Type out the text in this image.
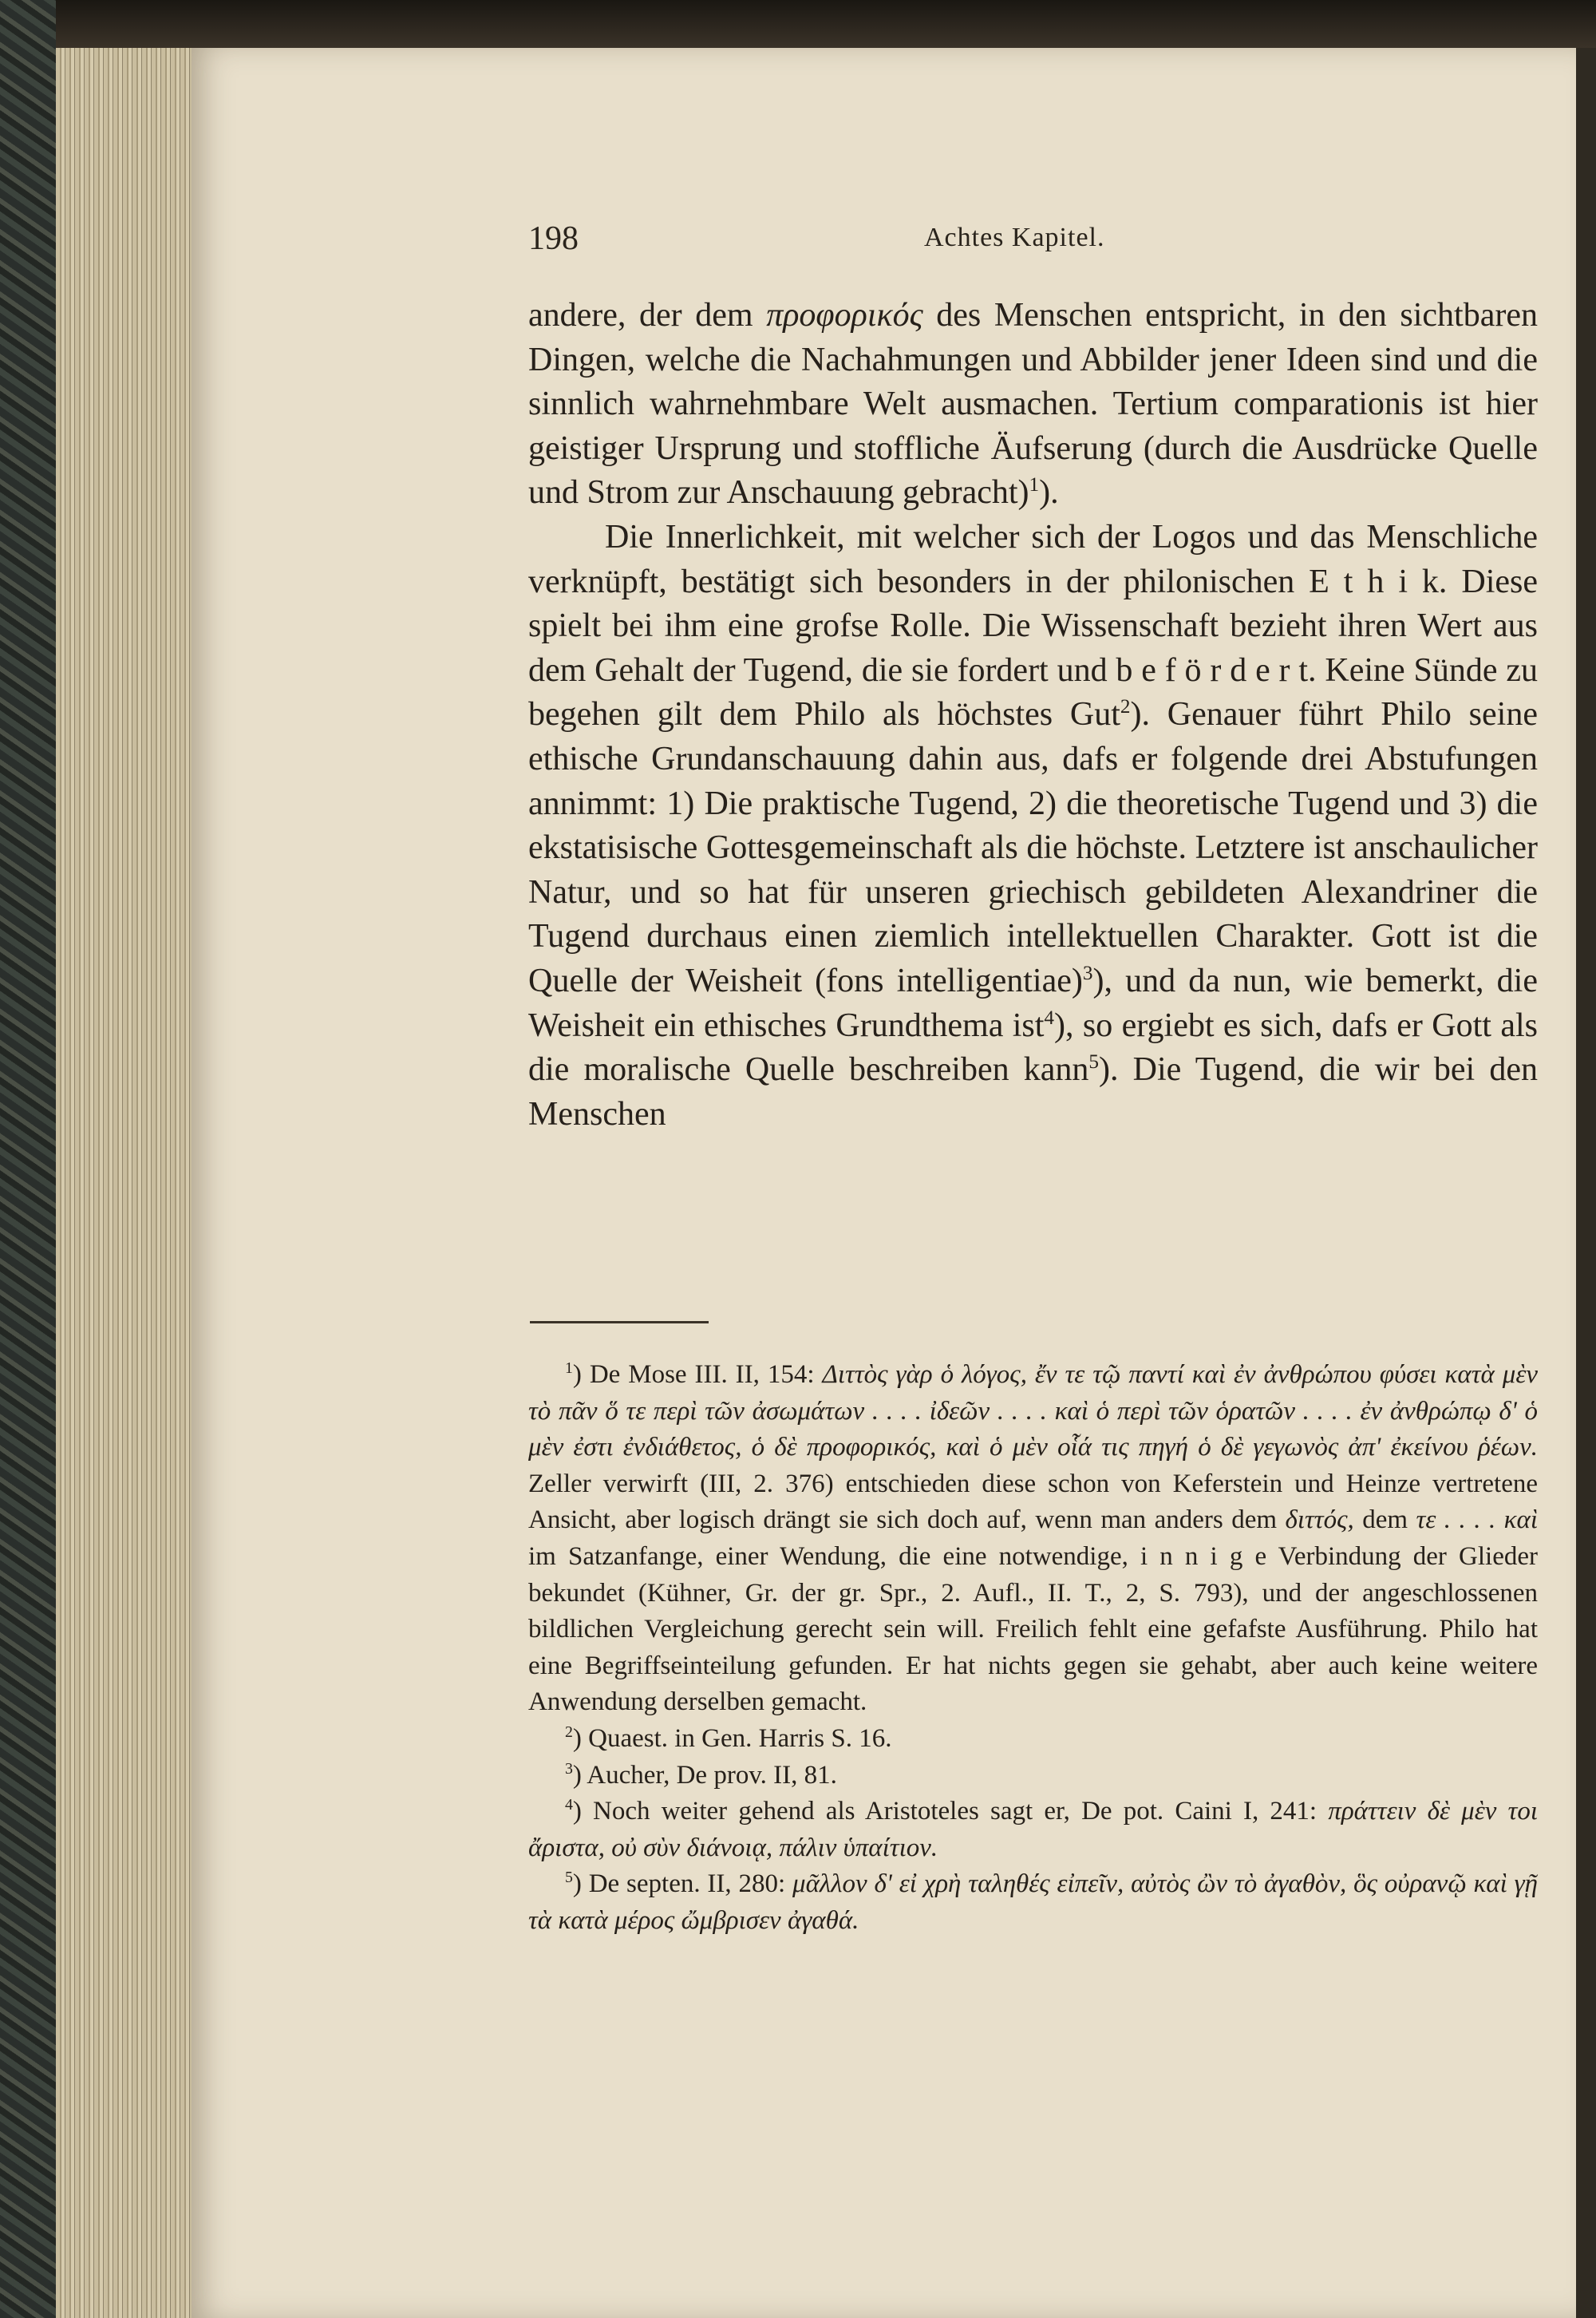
198	Achtes Kapitel.

andere, der dem προφορικός des Menschen entspricht, in den sichtbaren Dingen, welche die Nachahmungen und Abbilder jener Ideen sind und die sinnlich wahrnehmbare Welt ausmachen. Tertium comparationis ist hier geistiger Ursprung und stoffliche Äufserung (durch die Ausdrücke Quelle und Strom zur Anschauung gebracht)$^1$).

Die Innerlichkeit, mit welcher sich der Logos und das Menschliche verknüpft, bestätigt sich besonders in der philonischen E t h i k. Diese spielt bei ihm eine grofse Rolle. Die Wissenschaft bezieht ihren Wert aus dem Gehalt der Tugend, die sie fordert und b e f ö r d e r t. Keine Sünde zu begehen gilt dem Philo als höchstes Gut$^2$). Genauer führt Philo seine ethische Grundanschauung dahin aus, dafs er folgende drei Abstufungen annimmt: 1) Die praktische Tugend, 2) die theoretische Tugend und 3) die ekstatisische Gottesgemeinschaft als die höchste. Letztere ist anschaulicher Natur, und so hat für unseren griechisch gebildeten Alexandriner die Tugend durchaus einen ziemlich intellektuellen Charakter. Gott ist die Quelle der Weisheit (fons intelligentiae)$^3$), und da nun, wie bemerkt, die Weisheit ein ethisches Grundthema ist$^4$), so ergiebt es sich, dafs er Gott als die moralische Quelle beschreiben kann$^5$). Die Tugend, die wir bei den Menschen

$^1$) De Mose III. II, 154: Διττὸς γὰρ ὁ λόγος, ἔν τε τῷ παντί καὶ ἐν ἀνθρώπου φύσει κατὰ μὲν τὸ πᾶν ὅ τε περὶ τῶν ἀσωμάτων . . . . ἰδεῶν . . . . καὶ ὁ περὶ τῶν ὁρατῶν . . . . ἐν ἀνθρώπῳ δ' ὁ μὲν ἐστι ἐνδιάθετος, ὁ δὲ προφορικός, καὶ ὁ μὲν οἷά τις πηγή ὁ δὲ γεγωνὸς ἀπ' ἐκείνου ῥέων. Zeller verwirft (III, 2. 376) entschieden diese schon von Keferstein und Heinze vertretene Ansicht, aber logisch drängt sie sich doch auf, wenn man anders dem διττός, dem τε . . . . καὶ im Satzanfange, einer Wendung, die eine notwendige, i n n i g e Verbindung der Glieder bekundet (Kühner, Gr. der gr. Spr., 2. Aufl., II. T., 2, S. 793), und der angeschlossenen bildlichen Vergleichung gerecht sein will. Freilich fehlt eine gefafste Ausführung. Philo hat eine Begriffseinteilung gefunden. Er hat nichts gegen sie gehabt, aber auch keine weitere Anwendung derselben gemacht.

$^2$) Quaest. in Gen. Harris S. 16.

$^3$) Aucher, De prov. II, 81.

$^4$) Noch weiter gehend als Aristoteles sagt er, De pot. Caini I, 241: πράττειν δὲ μὲν τοι ἄριστα, οὐ σὺν διάνοιᾳ, πάλιν ὑπαίτιον.

$^5$) De septen. II, 280: μᾶλλον δ' εἰ χρὴ ταληθές εἰπεῖν, αὐτὸς ὢν τὸ ἀγαθὸν, ὃς οὐρανῷ καὶ γῇ τὰ κατὰ μέρος ὤμβρισεν ἀγαθά.
